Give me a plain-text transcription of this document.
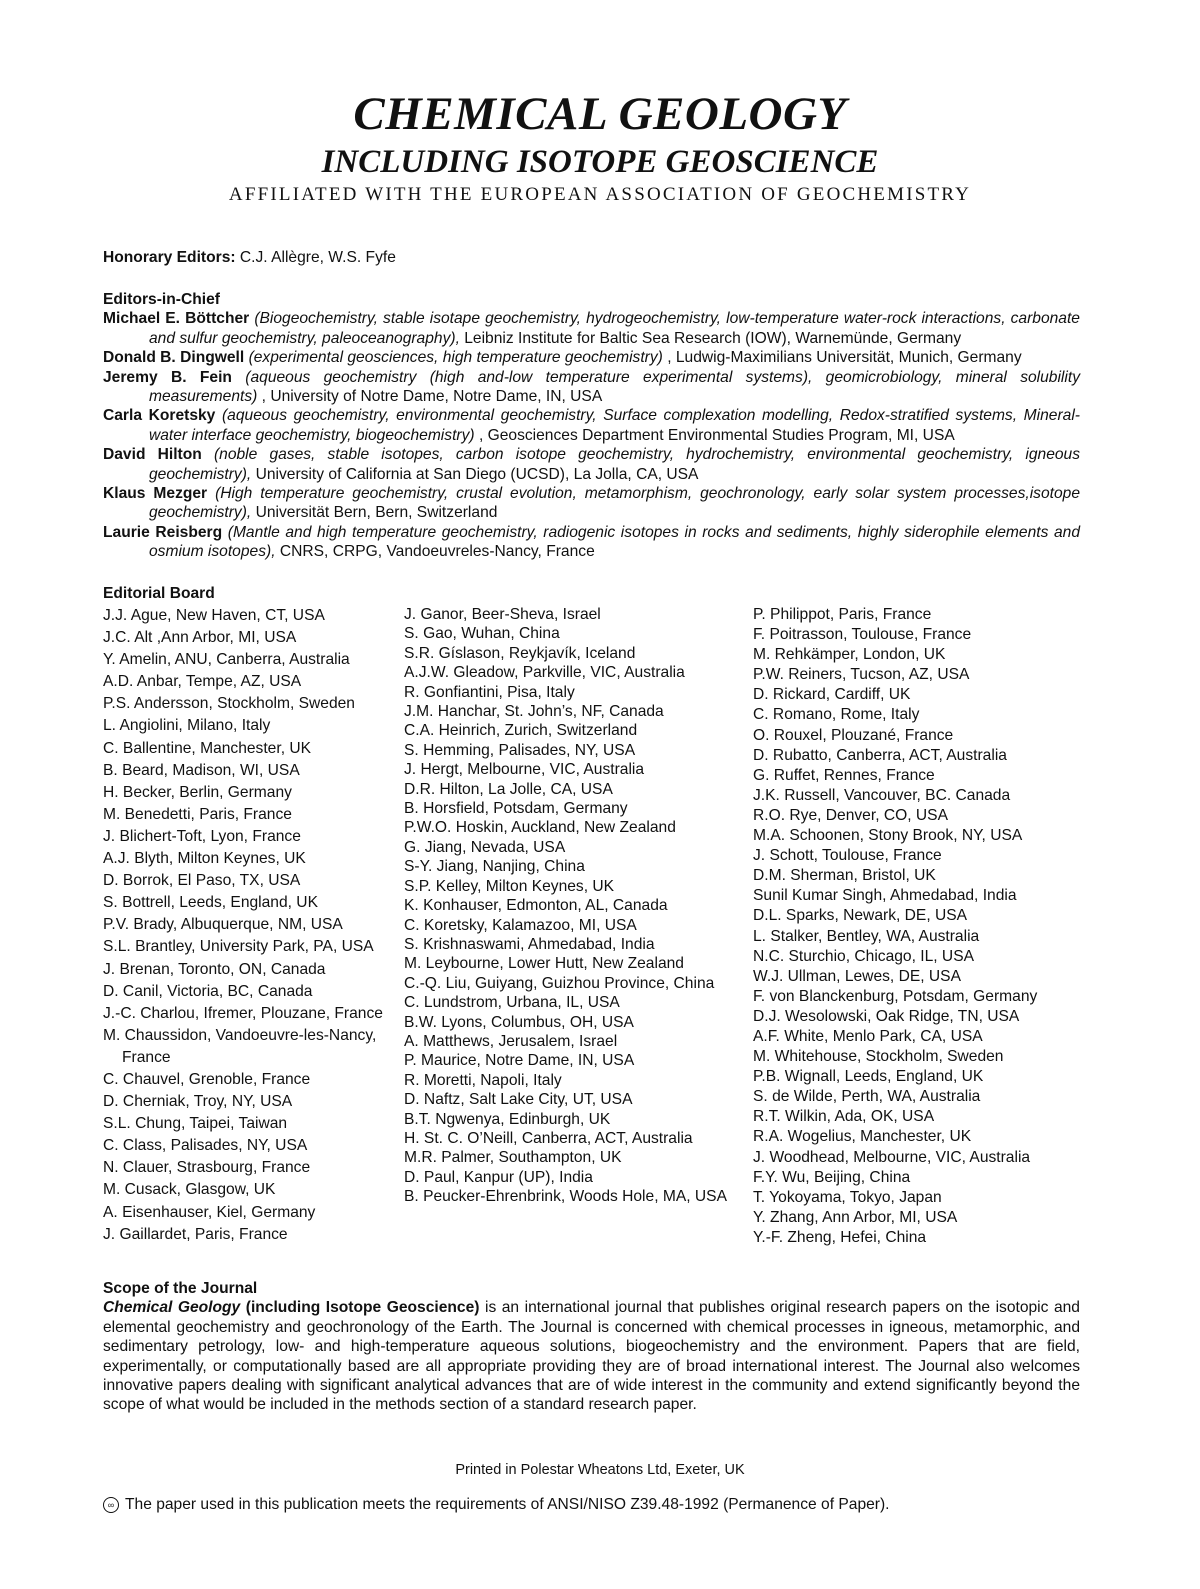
CHEMICAL GEOLOGY
INCLUDING ISOTOPE GEOSCIENCE
AFFILIATED WITH THE EUROPEAN ASSOCIATION OF GEOCHEMISTRY
Honorary Editors: C.J. Allègre, W.S. Fyfe
Editors-in-Chief
Michael E. Böttcher (Biogeochemistry, stable isotape geochemistry, hydrogeochemistry, low-temperature water-rock interactions, carbonate and sulfur geochemistry, paleoceanography), Leibniz Institute for Baltic Sea Research (IOW), Warnemünde, Germany
Donald B. Dingwell (experimental geosciences, high temperature geochemistry) , Ludwig-Maximilians Universität, Munich, Germany
Jeremy B. Fein (aqueous geochemistry (high and-low temperature experimental systems), geomicrobiology, mineral solubility measurements) , University of Notre Dame, Notre Dame, IN, USA
Carla Koretsky (aqueous geochemistry, environmental geochemistry, Surface complexation modelling, Redox-stratified systems, Mineral-water interface geochemistry, biogeochemistry) , Geosciences Department Environmental Studies Program, MI, USA
David Hilton (noble gases, stable isotopes, carbon isotope geochemistry, hydrochemistry, environmental geochemistry, igneous geochemistry), University of California at San Diego (UCSD), La Jolla, CA, USA
Klaus Mezger (High temperature geochemistry, crustal evolution, metamorphism, geochronology, early solar system processes,isotope geochemistry), Universität Bern, Bern, Switzerland
Laurie Reisberg (Mantle and high temperature geochemistry, radiogenic isotopes in rocks and sediments, highly siderophile elements and osmium isotopes), CNRS, CRPG, Vandoeuvreles-Nancy, France
Editorial Board
J.J. Ague, New Haven, CT, USA
J.C. Alt ,Ann Arbor, MI, USA
Y. Amelin, ANU, Canberra, Australia
A.D. Anbar, Tempe, AZ, USA
P.S. Andersson, Stockholm, Sweden
L. Angiolini, Milano, Italy
C. Ballentine, Manchester, UK
B. Beard, Madison, WI, USA
H. Becker, Berlin, Germany
M. Benedetti, Paris, France
J. Blichert-Toft, Lyon, France
A.J. Blyth, Milton Keynes, UK
D. Borrok, El Paso, TX, USA
S. Bottrell, Leeds, England, UK
P.V. Brady, Albuquerque, NM, USA
S.L. Brantley, University Park, PA, USA
J. Brenan, Toronto, ON, Canada
D. Canil, Victoria, BC, Canada
J.-C. Charlou, Ifremer, Plouzane, France
M. Chaussidon, Vandoeuvre-les-Nancy, France
C. Chauvel, Grenoble, France
D. Cherniak, Troy, NY, USA
S.L. Chung, Taipei, Taiwan
C. Class, Palisades, NY, USA
N. Clauer, Strasbourg, France
M. Cusack, Glasgow, UK
A. Eisenhauser, Kiel, Germany
J. Gaillardet, Paris, France
J. Ganor, Beer-Sheva, Israel
S. Gao, Wuhan, China
S.R. Gíslason, Reykjavík, Iceland
A.J.W. Gleadow, Parkville, VIC, Australia
R. Gonfiantini, Pisa, Italy
J.M. Hanchar, St. John’s, NF, Canada
C.A. Heinrich, Zurich, Switzerland
S. Hemming, Palisades, NY, USA
J. Hergt, Melbourne, VIC, Australia
D.R. Hilton, La Jolle, CA, USA
B. Horsfield, Potsdam, Germany
P.W.O. Hoskin, Auckland, New Zealand
G. Jiang, Nevada, USA
S-Y. Jiang, Nanjing, China
S.P. Kelley, Milton Keynes, UK
K. Konhauser, Edmonton, AL, Canada
C. Koretsky, Kalamazoo, MI, USA
S. Krishnaswami, Ahmedabad, India
M. Leybourne, Lower Hutt, New Zealand
C.-Q. Liu, Guiyang, Guizhou Province, China
C. Lundstrom, Urbana, IL, USA
B.W. Lyons, Columbus, OH, USA
A. Matthews, Jerusalem, Israel
P. Maurice, Notre Dame, IN, USA
R. Moretti, Napoli, Italy
D. Naftz, Salt Lake City, UT, USA
B.T. Ngwenya, Edinburgh, UK
H. St. C. O’Neill, Canberra, ACT, Australia
M.R. Palmer, Southampton, UK
D. Paul, Kanpur (UP), India
B. Peucker-Ehrenbrink, Woods Hole, MA, USA
P. Philippot, Paris, France
F. Poitrasson, Toulouse, France
M. Rehkämper, London, UK
P.W. Reiners, Tucson, AZ, USA
D. Rickard, Cardiff, UK
C. Romano, Rome, Italy
O. Rouxel, Plouzané, France
D. Rubatto, Canberra, ACT, Australia
G. Ruffet, Rennes, France
J.K. Russell, Vancouver, BC. Canada
R.O. Rye, Denver, CO, USA
M.A. Schoonen, Stony Brook, NY, USA
J. Schott, Toulouse, France
D.M. Sherman, Bristol, UK
Sunil Kumar Singh, Ahmedabad, India
D.L. Sparks, Newark, DE, USA
L. Stalker, Bentley, WA, Australia
N.C. Sturchio, Chicago, IL, USA
W.J. Ullman, Lewes, DE, USA
F. von Blanckenburg, Potsdam, Germany
D.J. Wesolowski, Oak Ridge, TN, USA
A.F. White, Menlo Park, CA, USA
M. Whitehouse, Stockholm, Sweden
P.B. Wignall, Leeds, England, UK
S. de Wilde, Perth, WA, Australia
R.T. Wilkin, Ada, OK, USA
R.A. Wogelius, Manchester, UK
J. Woodhead, Melbourne, VIC, Australia
F.Y. Wu, Beijing, China
T. Yokoyama, Tokyo, Japan
Y. Zhang, Ann Arbor, MI, USA
Y.-F. Zheng, Hefei, China
Scope of the Journal
Chemical Geology (including Isotope Geoscience) is an international journal that publishes original research papers on the isotopic and elemental geochemistry and geochronology of the Earth. The Journal is concerned with chemical processes in igneous, metamorphic, and sedimentary petrology, low- and high-temperature aqueous solutions, biogeochemistry and the environment. Papers that are field, experimentally, or computationally based are all appropriate providing they are of broad international interest. The Journal also welcomes innovative papers dealing with significant analytical advances that are of wide interest in the community and extend significantly beyond the scope of what would be included in the methods section of a standard research paper.
Printed in Polestar Wheatons Ltd, Exeter, UK
∞ The paper used in this publication meets the requirements of ANSI/NISO Z39.48-1992 (Permanence of Paper).
